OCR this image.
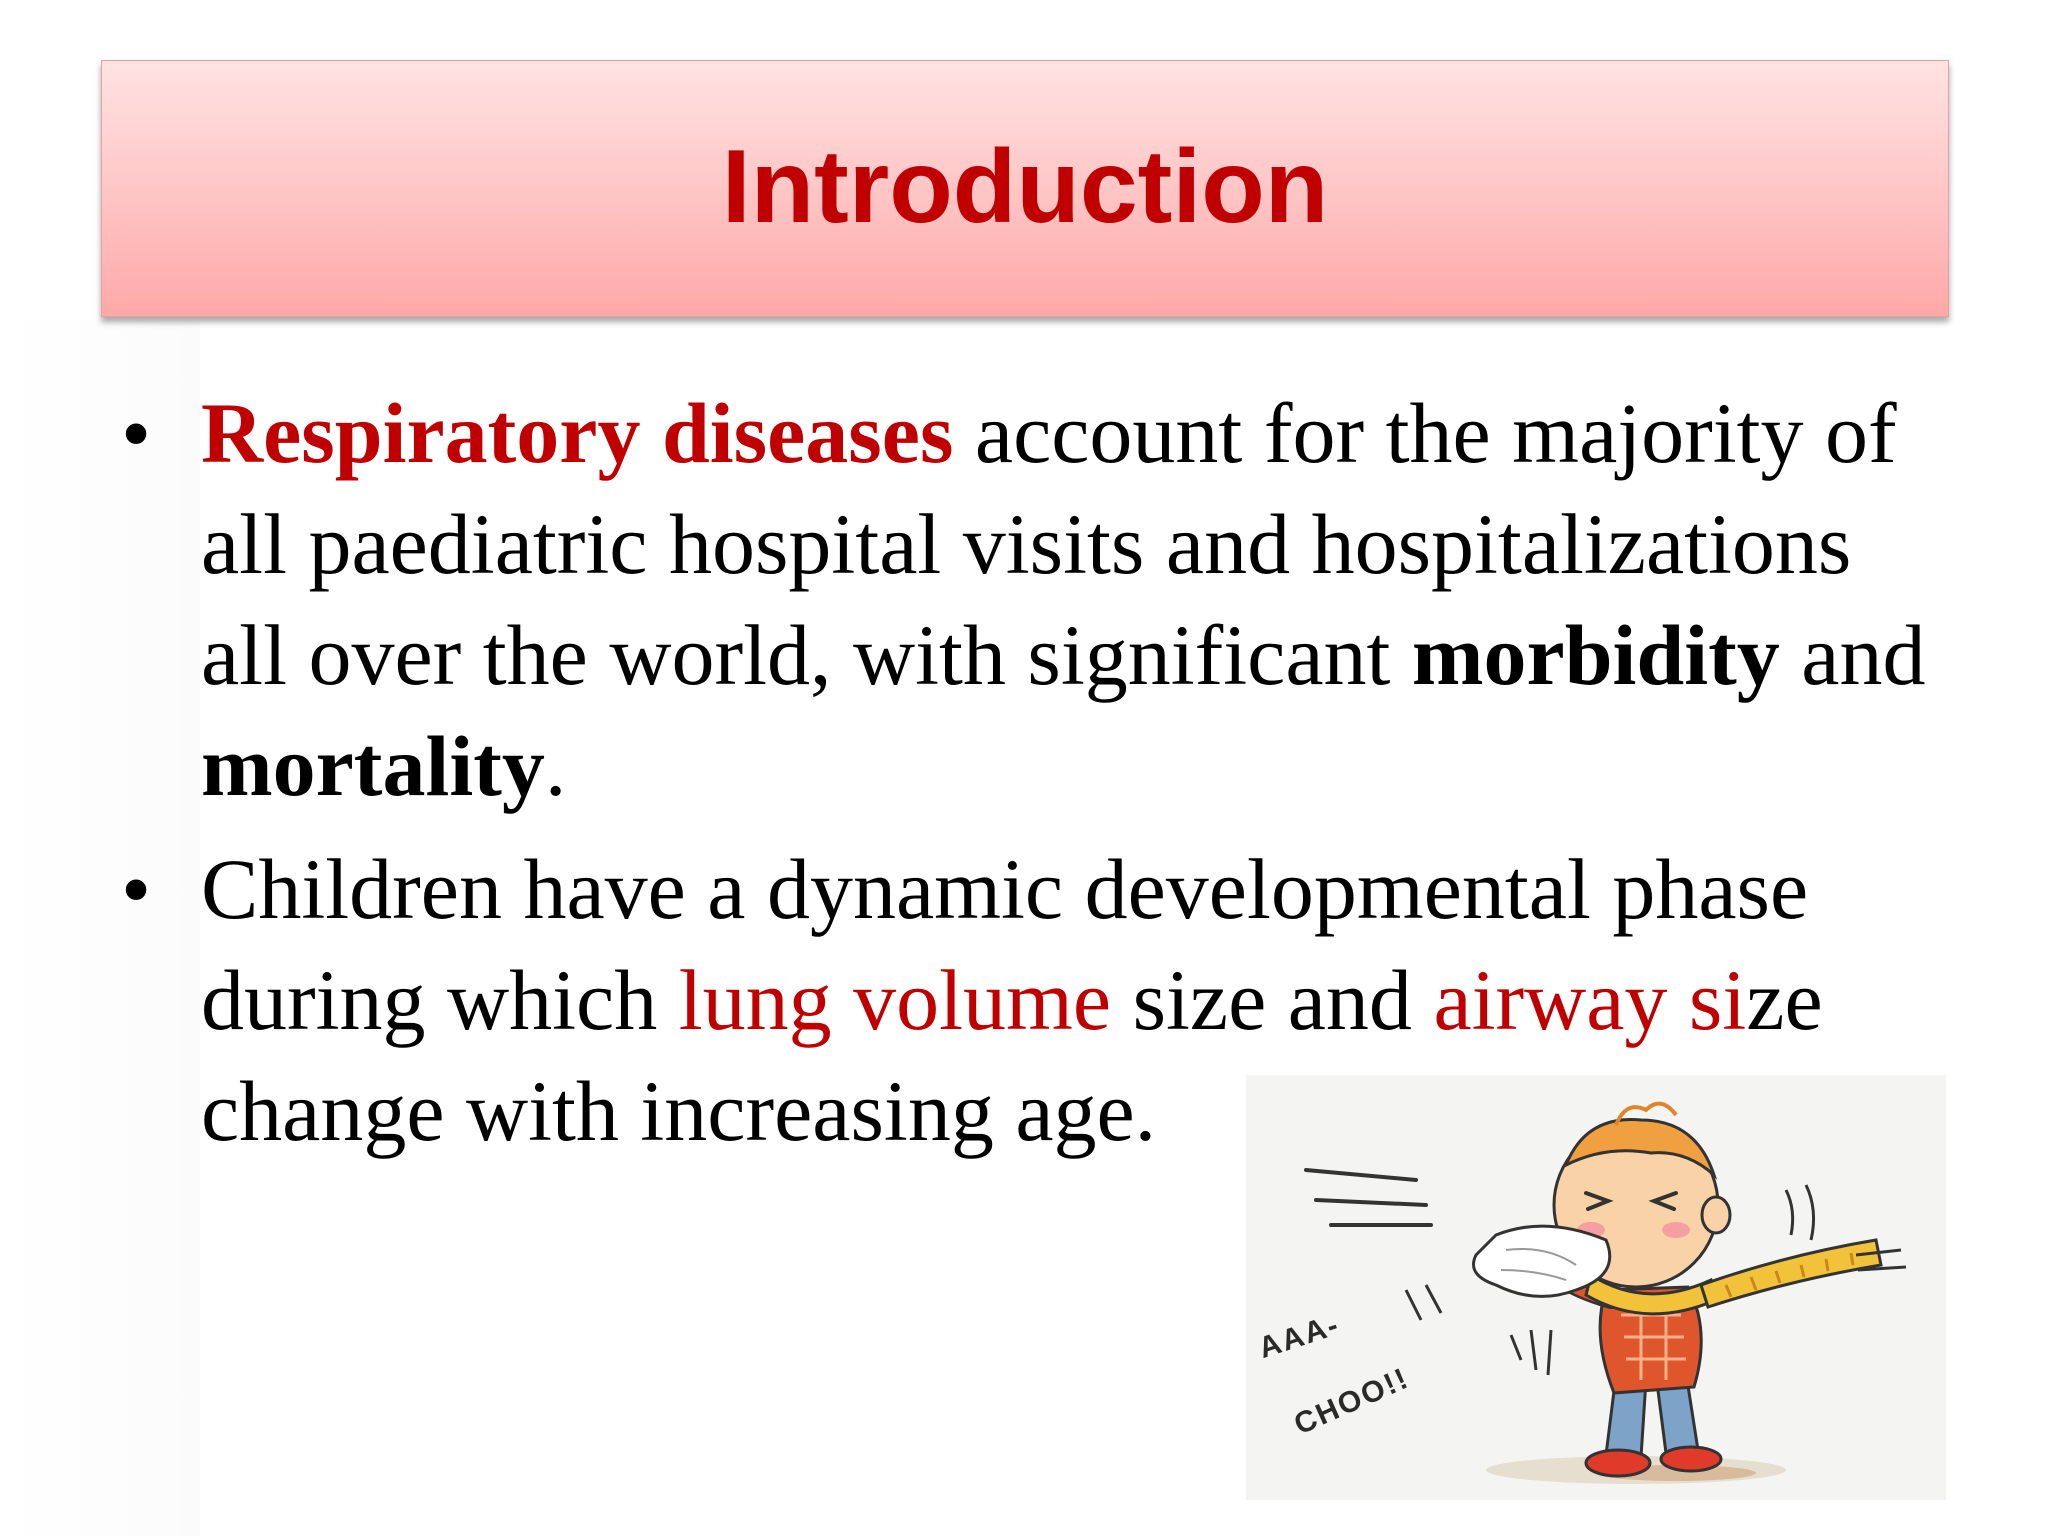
Introduction
• Respiratory diseases account for the majority of all paediatric hospital visits and hospitalizations all over the world, with significant morbidity and mortality.
• Children have a dynamic developmental phase during which lung volume size and airway size change with increasing age.
AAA-
CHOO!!
